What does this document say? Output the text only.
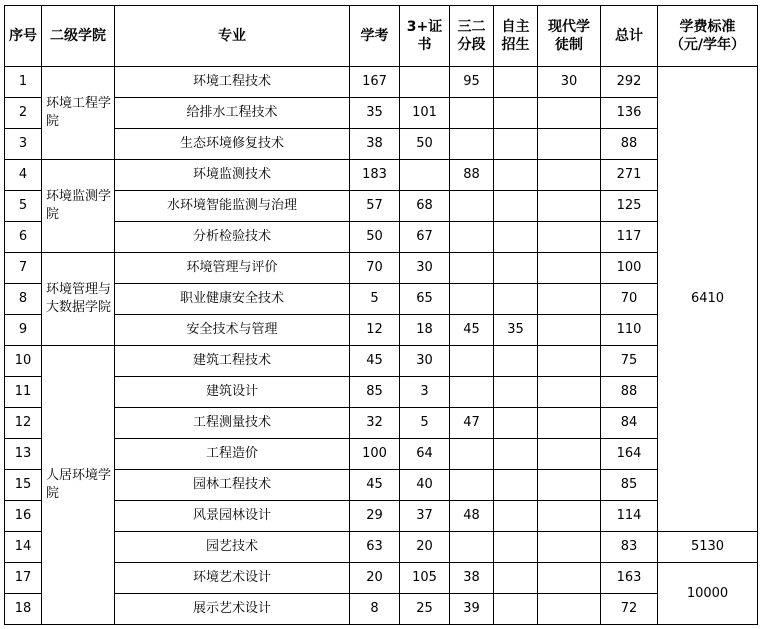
序号	二级学院	专业	学考	3+证书	三二分段	自主招生	现代学徒制	总计	学费标准（元/学年）
1	环境工程学院	环境工程技术	167		95		30	292	6410
2		给排水工程技术	35	101				136	
3		生态环境修复技术	38	50				88	
4	环境监测学院	环境监测技术	183		88			271	
5		水环境智能监测与治理	57	68				125	
6		分析检验技术	50	67				117	
7	环境管理与大数据学院	环境管理与评价	70	30				100	
8		职业健康安全技术	5	65				70	
9		安全技术与管理	12	18	45	35		110	
10	人居环境学院	建筑工程技术	45	30				75	
11		建筑设计	85	3				88	
12		工程测量技术	32	5	47			84	
13		工程造价	100	64				164	
15		园林工程技术	45	40				85	
16		风景园林设计	29	37	48			114	
14		园艺技术	63	20				83	5130
17		环境艺术设计	20	105	38			163	10000
18		展示艺术设计	8	25	39			72	
